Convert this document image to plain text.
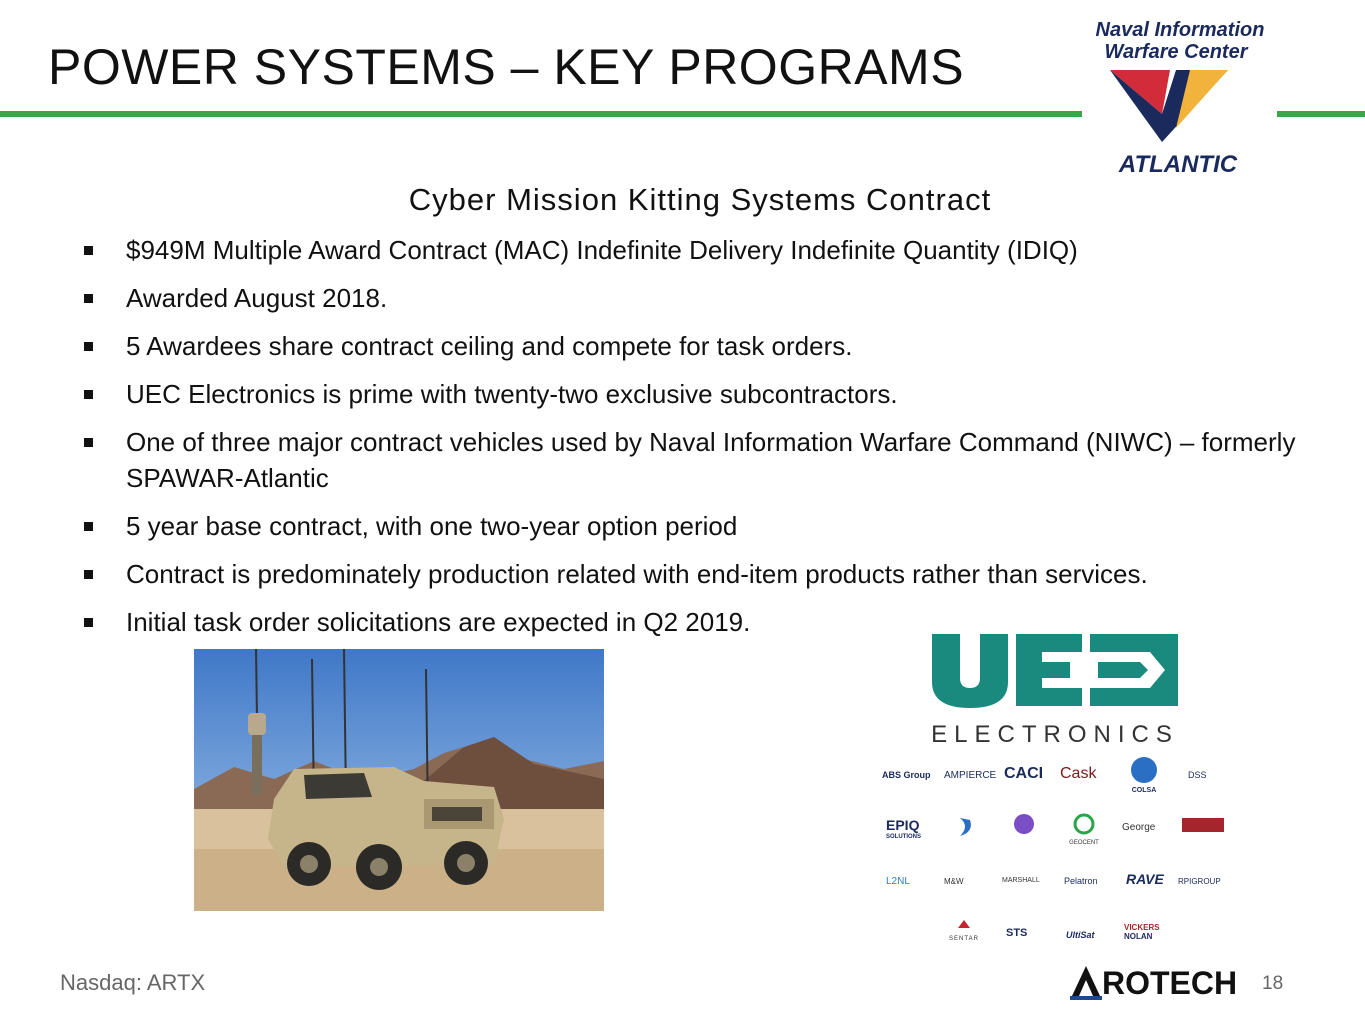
POWER SYSTEMS – KEY PROGRAMS
Naval Information
Warfare Center
ATLANTIC
Cyber Mission Kitting Systems Contract
$949M Multiple Award Contract (MAC) Indefinite Delivery Indefinite Quantity (IDIQ)
Awarded August 2018.
5 Awardees share contract ceiling and compete for task orders.
UEC Electronics is prime with twenty-two exclusive subcontractors.
One of three major contract vehicles used by Naval Information Warfare Command (NIWC) – formerly SPAWAR-Atlantic
5 year base contract, with one two-year option period
Contract is predominately production related with end-item products rather than services.
Initial task order solicitations are expected in Q2 2019.
ELECTRONICS
ABS Group AMPIERCE CACI Cask
COLSA
DSS
EPIQ
SOLUTIONS
GEOCENT
George
L2NL	M&W	MARSHALL	Pelatron RAVE RPIGROUP
SENTAR STS	UltiSat
VICKERS
NOLAN
Nasdaq: ARTX	ROTECH 18
